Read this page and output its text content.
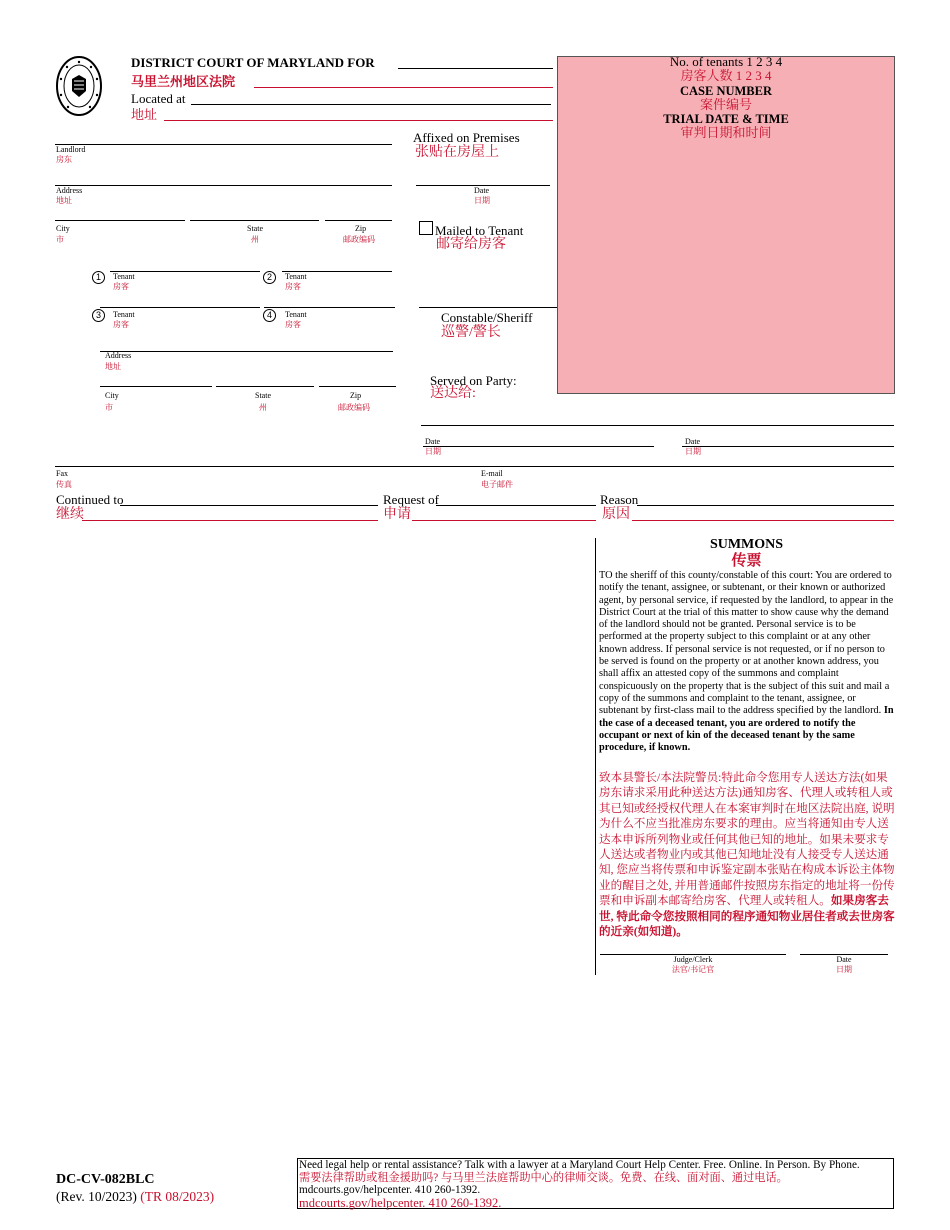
DISTRICT COURT OF MARYLAND FOR
马里兰州地区法院
Located at
地址
No. of tenants 1 2 3 4
房客人数 1 2 3 4
CASE NUMBER
案件编号
TRIAL DATE & TIME
审判日期和时间
Landlord
房东
Address
地址
City
市
State
州
Zip
邮政编码
1	Tenant
房客
2	Tenant
房客
3	Tenant
房客
4	Tenant
房客
Address
地址
City
市
State
州
Zip
邮政编码
Affixed on Premises
张贴在房屋上
Date
日期
Mailed to Tenant
邮寄给房客
Constable/Sheriff
巡警/警长
Served on Party:
送达给:
Date
日期
Date
日期
Fax
传真
E-mail
电子邮件
Continued to
继续
Request of
申请
Reason
原因
SUMMONS
传票
TO the sheriff of this county/constable of this court: You are ordered to notify the tenant, assignee, or subtenant, or their known or authorized agent, by personal service, if requested by the landlord, to appear in the District Court at the trial of this matter to show cause why the demand of the landlord should not be granted. Personal service is to be performed at the property subject to this complaint or at any other known address. If personal service is not requested, or if no person to be served is found on the property or at another known address, you shall affix an attested copy of the summons and complaint conspicuously on the property that is the subject of this suit and mail a copy of the summons and complaint to the tenant, assignee, or subtenant by first-class mail to the address specified by the landlord. In the case of a deceased tenant, you are ordered to notify the occupant or next of kin of the deceased tenant by the same procedure, if known.
致本县警长/本法院警员:特此命令您用专人送达方法(如果房东请求采用此种送达方法)通知房客、代理人或转租人或其已知或经授权代理人在本案审判时在地区法院出庭, 说明为什么不应当批准房东要求的理由。应当将通知由专人送达本申诉所列物业或任何其他已知的地址。如果未要求专人送达或者物业内或其他已知地址没有人接受专人送达通知, 您应当将传票和申诉鉴定副本张贴在构成本诉讼主体物业的醒目之处, 并用普通邮件按照房东指定的地址将一份传票和申诉副本邮寄给房客、代理人或转租人。如果房客去世, 特此命令您按照相同的程序通知物业居住者或去世房客的近亲(如知道)。
Judge/Clerk
法官/书记官
Date
日期
DC-CV-082BLC
(Rev. 10/2023) (TR 08/2023)
Need legal help or rental assistance? Talk with a lawyer at a Maryland Court Help Center. Free. Online. In Person. By Phone.
需要法律帮助或租金援助吗? 与马里兰法庭帮助中心的律师交谈。免费、在线、面对面、通过电话。
mdcourts.gov/helpcenter. 410 260-1392.
mdcourts.gov/helpcenter. 410 260-1392.
